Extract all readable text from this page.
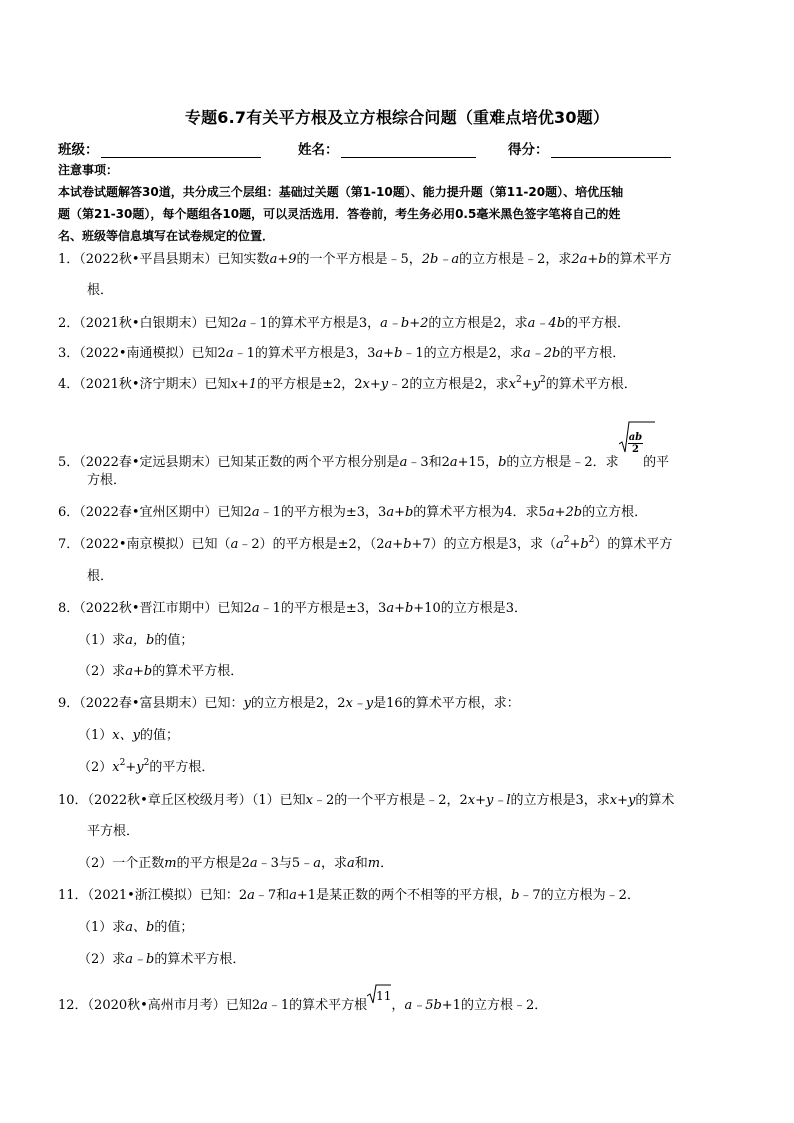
专题6.7有关平方根及立方根综合问题（重难点培优30题）
班级：	姓名：	得分：
注意事项：
本试卷试题解答30道，共分成三个层组：基础过关题（第1-10题）、能力提升题（第11-20题）、培优压轴
题（第21-30题），每个题组各10题，可以灵活选用．答卷前，考生务必用0.5毫米黑色签字笔将自己的姓
名、班级等信息填写在试卷规定的位置．
1．（2022秋•平昌县期末）已知实数a+9的一个平方根是﹣5，2b﹣a的立方根是﹣2，求2a+b的算术平方
根．
2．（2021秋•白银期末）已知2a﹣1的算术平方根是3，a﹣b+2的立方根是2，求a﹣4b的平方根．
3．（2022•南通模拟）已知2a﹣1的算术平方根是3，3a+b﹣1的立方根是2，求a﹣2b的平方根．
4．（2021秋•济宁期末）已知x+1的平方根是±2，2x+y﹣2的立方根是2，求$x^2+y^2$的算术平方根．
5．（2022春•定远县期末）已知某正数的两个平方根分别是a﹣3和2a+15，b的立方根是﹣2．求
$\frac{ab}{2}$
的平
方根．
6．（2022春•宜州区期中）已知2a﹣1的平方根为±3，3a+b的算术平方根为4．求5a+2b的立方根．
7．（2022•南京模拟）已知（a﹣2）的平方根是±2，（2a+b+7）的立方根是3，求$(a^2+b^2)$的算术平方
根．
8．（2022秋•晋江市期中）已知2a﹣1的平方根是±3，3a+b+10的立方根是3．
（1）求a，b的值；
（2）求a+b的算术平方根．
9．（2022春•富县期末）已知：y的立方根是2，2x﹣y是16的算术平方根，求：
（1）x、y的值；
$(2)x^2+y^2$的平方根．
10．（2022秋•章丘区校级月考）（1）已知x﹣2的一个平方根是﹣2，2x+y﹣l的立方根是3，求x+y的算术
平方根．
（2）一个正数m的平方根是2a﹣3与5﹣a，求a和m．
11．（2021•浙江模拟）已知：2a﹣7和a+1是某正数的两个不相等的平方根，b﹣7的立方根为﹣2．
（1）求a、b的值；
（2）求a﹣b的算术平方根．
12．（2020秋•高州市月考）已知2a﹣1的算术平方根
11，a﹣5b+1的立方根﹣2．
